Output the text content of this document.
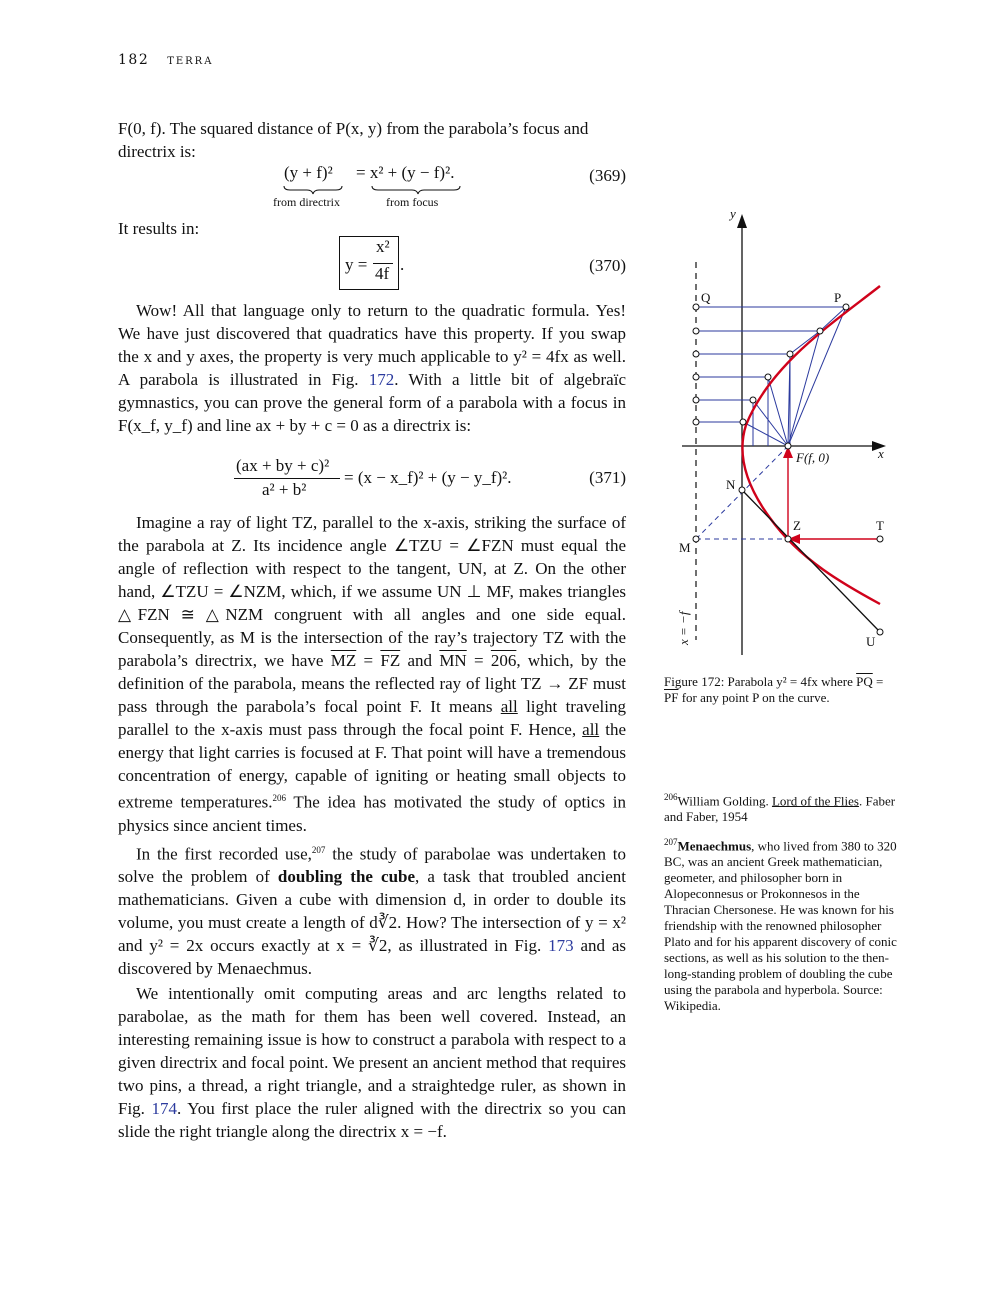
182 terra
F(0, f). The squared distance of P(x, y) from the parabola’s focus and
directrix is:
(y + f)² = x² + (y − f)².
from directrix	from focus
(369)
It results in:
y =
x²
4f .	(370)

Wow! All that language only to return to the quadratic formula. Yes! We have just discovered that quadratics have this property. If you swap the x and y axes, the property is very much applicable to y² = 4fx as well. A parabola is illustrated in Fig. 172. With a little bit of algebraïc gymnastics, you can prove the general form of a parabola with a focus in F(x_f, y_f) and line ax + by + c = 0 as a directrix is:

(ax + by + c)²
a² + b²
= (x − x_f)² + (y − y_f)².	(371)

Imagine a ray of light TZ, parallel to the x-axis, striking the surface of the parabola at Z. Its incidence angle ∠TZU = ∠FZN must equal the angle of reflection with respect to the tangent, UN, at Z. On the other hand, ∠TZU = ∠NZM, which, if we assume UN ⊥ MF, makes triangles △FZN ≅ △NZM congruent with all angles and one side equal. Consequently, as M is the intersection of the ray’s trajectory TZ with the parabola’s directrix, we have $\overline{MZ} = \overline{FZ}$ and $\overline{MN} = 206$, which, by the definition of the parabola, means the reflected ray of light TZ → ZF must pass through the parabola’s focal point F. It means all light traveling parallel to the x-axis must pass through the focal point F. Hence, all the energy that light carries is focused at F. That point will have a tremendous concentration of energy, capable of igniting or heating small objects to extreme temperatures.$^{206}$ The idea has motivated the study of optics in physics since ancient times.

In the first recorded use,$^{207}$ the study of parabolae was undertaken to solve the problem of doubling the cube, a task that troubled ancient mathematicians. Given a cube with dimension d, in order to double its volume, you must create a length of d∛2. How? The intersection of y = x² and y² = 2x occurs exactly at x = ∛2, as illustrated in Fig. 173 and as discovered by Menaechmus.

We intentionally omit computing areas and arc lengths related to parabolae, as the math for them has been well covered. Instead, an interesting remaining issue is how to construct a parabola with respect to a given directrix and focal point. We present an ancient method that requires two pins, a thread, a right triangle, and a straightedge ruler, as shown in Fig. 174. You first place the ruler aligned with the directrix so you can slide the right triangle along the directrix x = −f.

y
x
Q	P
N
Z	T
M
U
F(f, 0)
x = −f
Figure 172: Parabola y² = 4fx where $\overline{PQ} = \overline{PF}$ for any point P on the curve.
$^{206}$William Golding. Lord of the Flies. Faber and Faber, 1954
$^{207}$Menaechmus, who lived from 380 to 320 BC, was an ancient Greek mathematician, geometer, and philosopher born in Alopeconnesus or Prokonnesos in the Thracian Chersonese. He was known for his friendship with the renowned philosopher Plato and for his apparent discovery of conic sections, as well as his solution to the then-long-standing problem of doubling the cube using the parabola and hyperbola. Source: Wikipedia.
